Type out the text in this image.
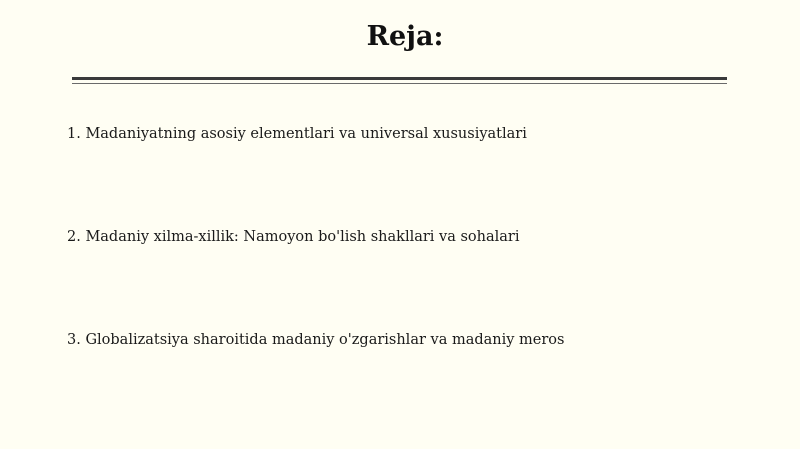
Reja:
1. Madaniyatning asosiy elementlari va universal xususiyatlari
2. Madaniy xilma-xillik: Namoyon bo'lish shakllari va sohalari
3. Globalizatsiya sharoitida madaniy o'zgarishlar va madaniy meros
